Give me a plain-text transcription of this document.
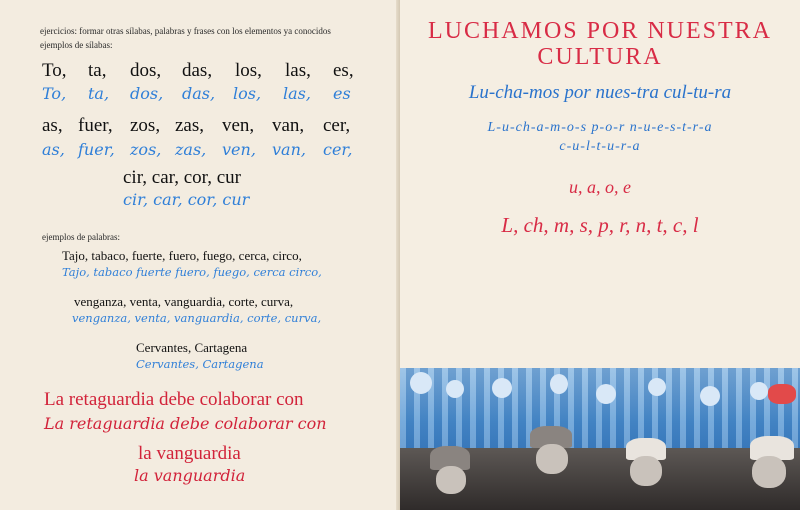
ejercicios: formar otras sílabas, palabras y frases con los elementos ya conocidos
ejemplos de sílabas:
To, ta, dos, das, los, las, es,
To, ta, dos, das, los, las, es
as, fuer, zos, zas, ven, van, cer,
as, fuer, zos, zas, ven, van, cer,
cir, car, cor, cur
cir, car, cor, cur
ejemplos de palabras:
Tajo, tabaco, fuerte, fuero, fuego, cerca, circo,
Tajo, tabaco fuerte fuero, fuego, cerca circo,
venganza, venta, vanguardia, corte, curva,
venganza, venta, vanguardia, corte, curva,
Cervantes, Cartagena
Cervantes, Cartagena
La retaguardia debe colaborar con
La retaguardia debe colaborar con
la vanguardia
la vanguardia
LUCHAMOS POR NUESTRA
CULTURA
Lu-cha-mos por nues-tra cul-tu-ra
L-u-ch-a-m-o-s p-o-r n-u-e-s-t-r-a
c-u-l-t-u-r-a
u, a, o, e
L, ch, m, s, p, r, n, t, c, l
